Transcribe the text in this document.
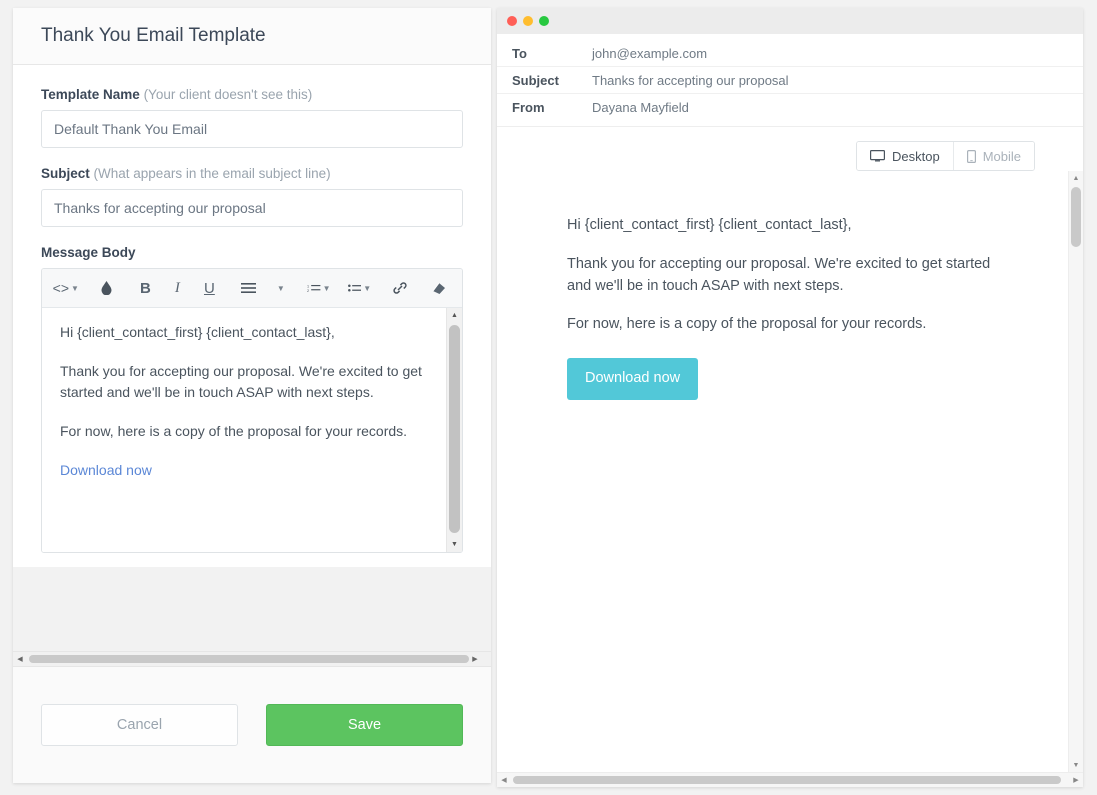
Thank You Email Template
Template Name (Your client doesn't see this)
Default Thank You Email
Subject (What appears in the email subject line)
Thanks for accepting our proposal
Message Body
<> ▼	B	I	U	▼	1
2 ▼	▼

Hi {client_contact_first} {client_contact_last},

Thank you for accepting our proposal. We're excited to get started and we'll be in touch ASAP with next steps.

For now, here is a copy of the proposal for your records.

Download now
▲
▼
◀	▶
Cancel	Save
To	john@example.com
Subject	Thanks for accepting our proposal
From	Dayana Mayfield
Desktop	Mobile

Hi {client_contact_first} {client_contact_last},

Thank you for accepting our proposal. We're excited to get started and we'll be in touch ASAP with next steps.

For now, here is a copy of the proposal for your records.

Download now
▲
▼
◀	▶
